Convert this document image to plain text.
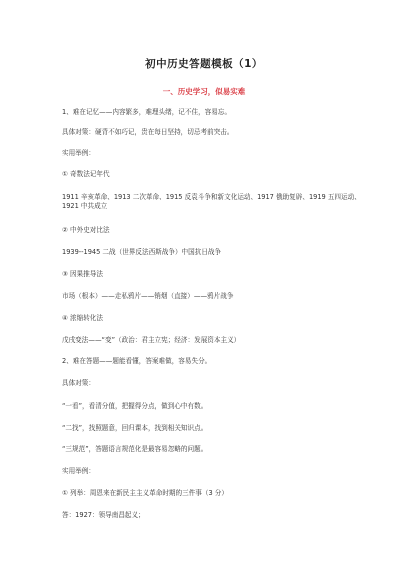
初中历史答题模板（1）
一、历史学习，似易实难
1、难在记忆——内容繁多，难理头绪，记不住，容易忘。
具体对策：硬背不如巧记，贵在每日坚持，切忌考前突击。
实用举例：
① 奇数法记年代
1911 辛亥革命、1913 二次革命、1915 反袁斗争和新文化运动、1917 俄助复辟、1919 五四运动、1921 中共成立
② 中外史对比法
1939--1945 二战（世界反法西斯战争）中国抗日战争
③ 因果推导法
市场（根本）——走私鸦片——销烟（直接）——鸦片战争
④ 浓缩转化法
戊戌变法——“变”（政治：君主立宪；经济：发展资本主义）
2、难在答题——题能看懂，答案难做，容易失分。
具体对策：
“一看”，看清分值，把握得分点，做到心中有数。
“二找”，找照题意，回归课本，找到相关知识点。
“三规范”，答题语言规范化是最容易忽略的问题。
实用举例：
① 列举：周恩来在新民主主义革命时期的三件事（3 分）
答：1927：领导南昌起义；
